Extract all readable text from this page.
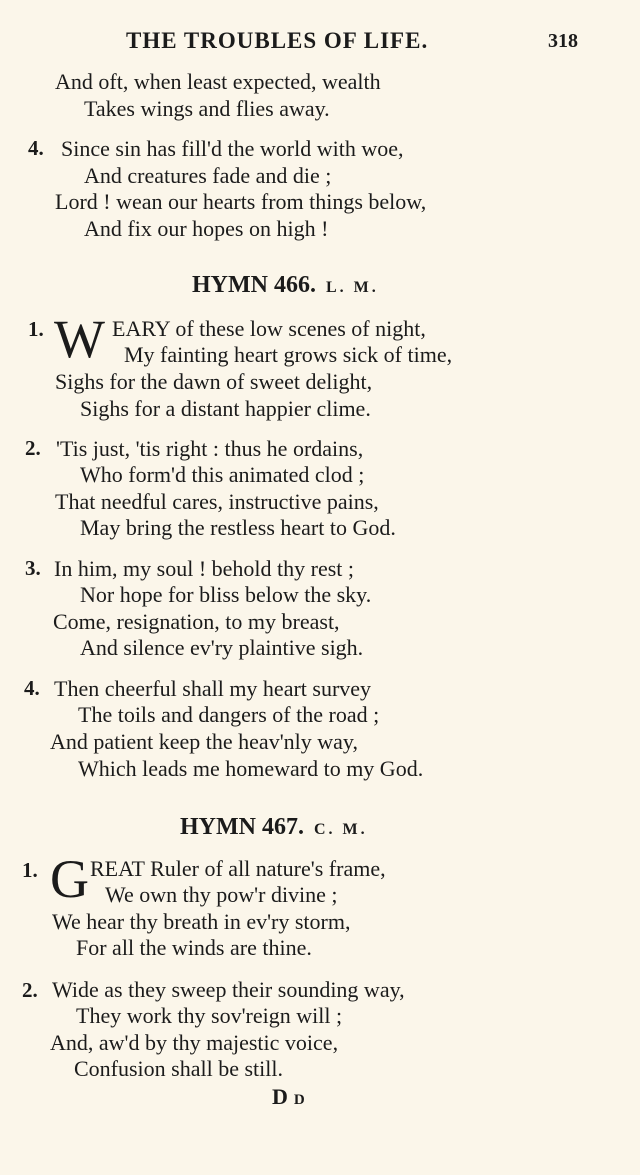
THE TROUBLES OF LIFE.	318
And oft, when least expected, wealth
Takes wings and flies away.
4. Since sin has fill'd the world with woe,
And creatures fade and die ;
Lord ! wean our hearts from things below,
And fix our hopes on high !
HYMN 466. L. M.
1. W EARY of these low scenes of night,
My fainting heart grows sick of time,
Sighs for the dawn of sweet delight,
Sighs for a distant happier clime.
2. 'Tis just, 'tis right : thus he ordains,
Who form'd this animated clod ;
That needful cares, instructive pains,
May bring the restless heart to God.
3. In him, my soul ! behold thy rest ;
Nor hope for bliss below the sky.
Come, resignation, to my breast,
And silence ev'ry plaintive sigh.
4. Then cheerful shall my heart survey
The toils and dangers of the road ;
And patient keep the heav'nly way,
Which leads me homeward to my God.
HYMN 467. C. M.
1. G REAT Ruler of all nature's frame,
We own thy pow'r divine ;
We hear thy breath in ev'ry storm,
For all the winds are thine.
2. Wide as they sweep their sounding way,
They work thy sov'reign will ;
And, aw'd by thy majestic voice,
Confusion shall be still.
DD
